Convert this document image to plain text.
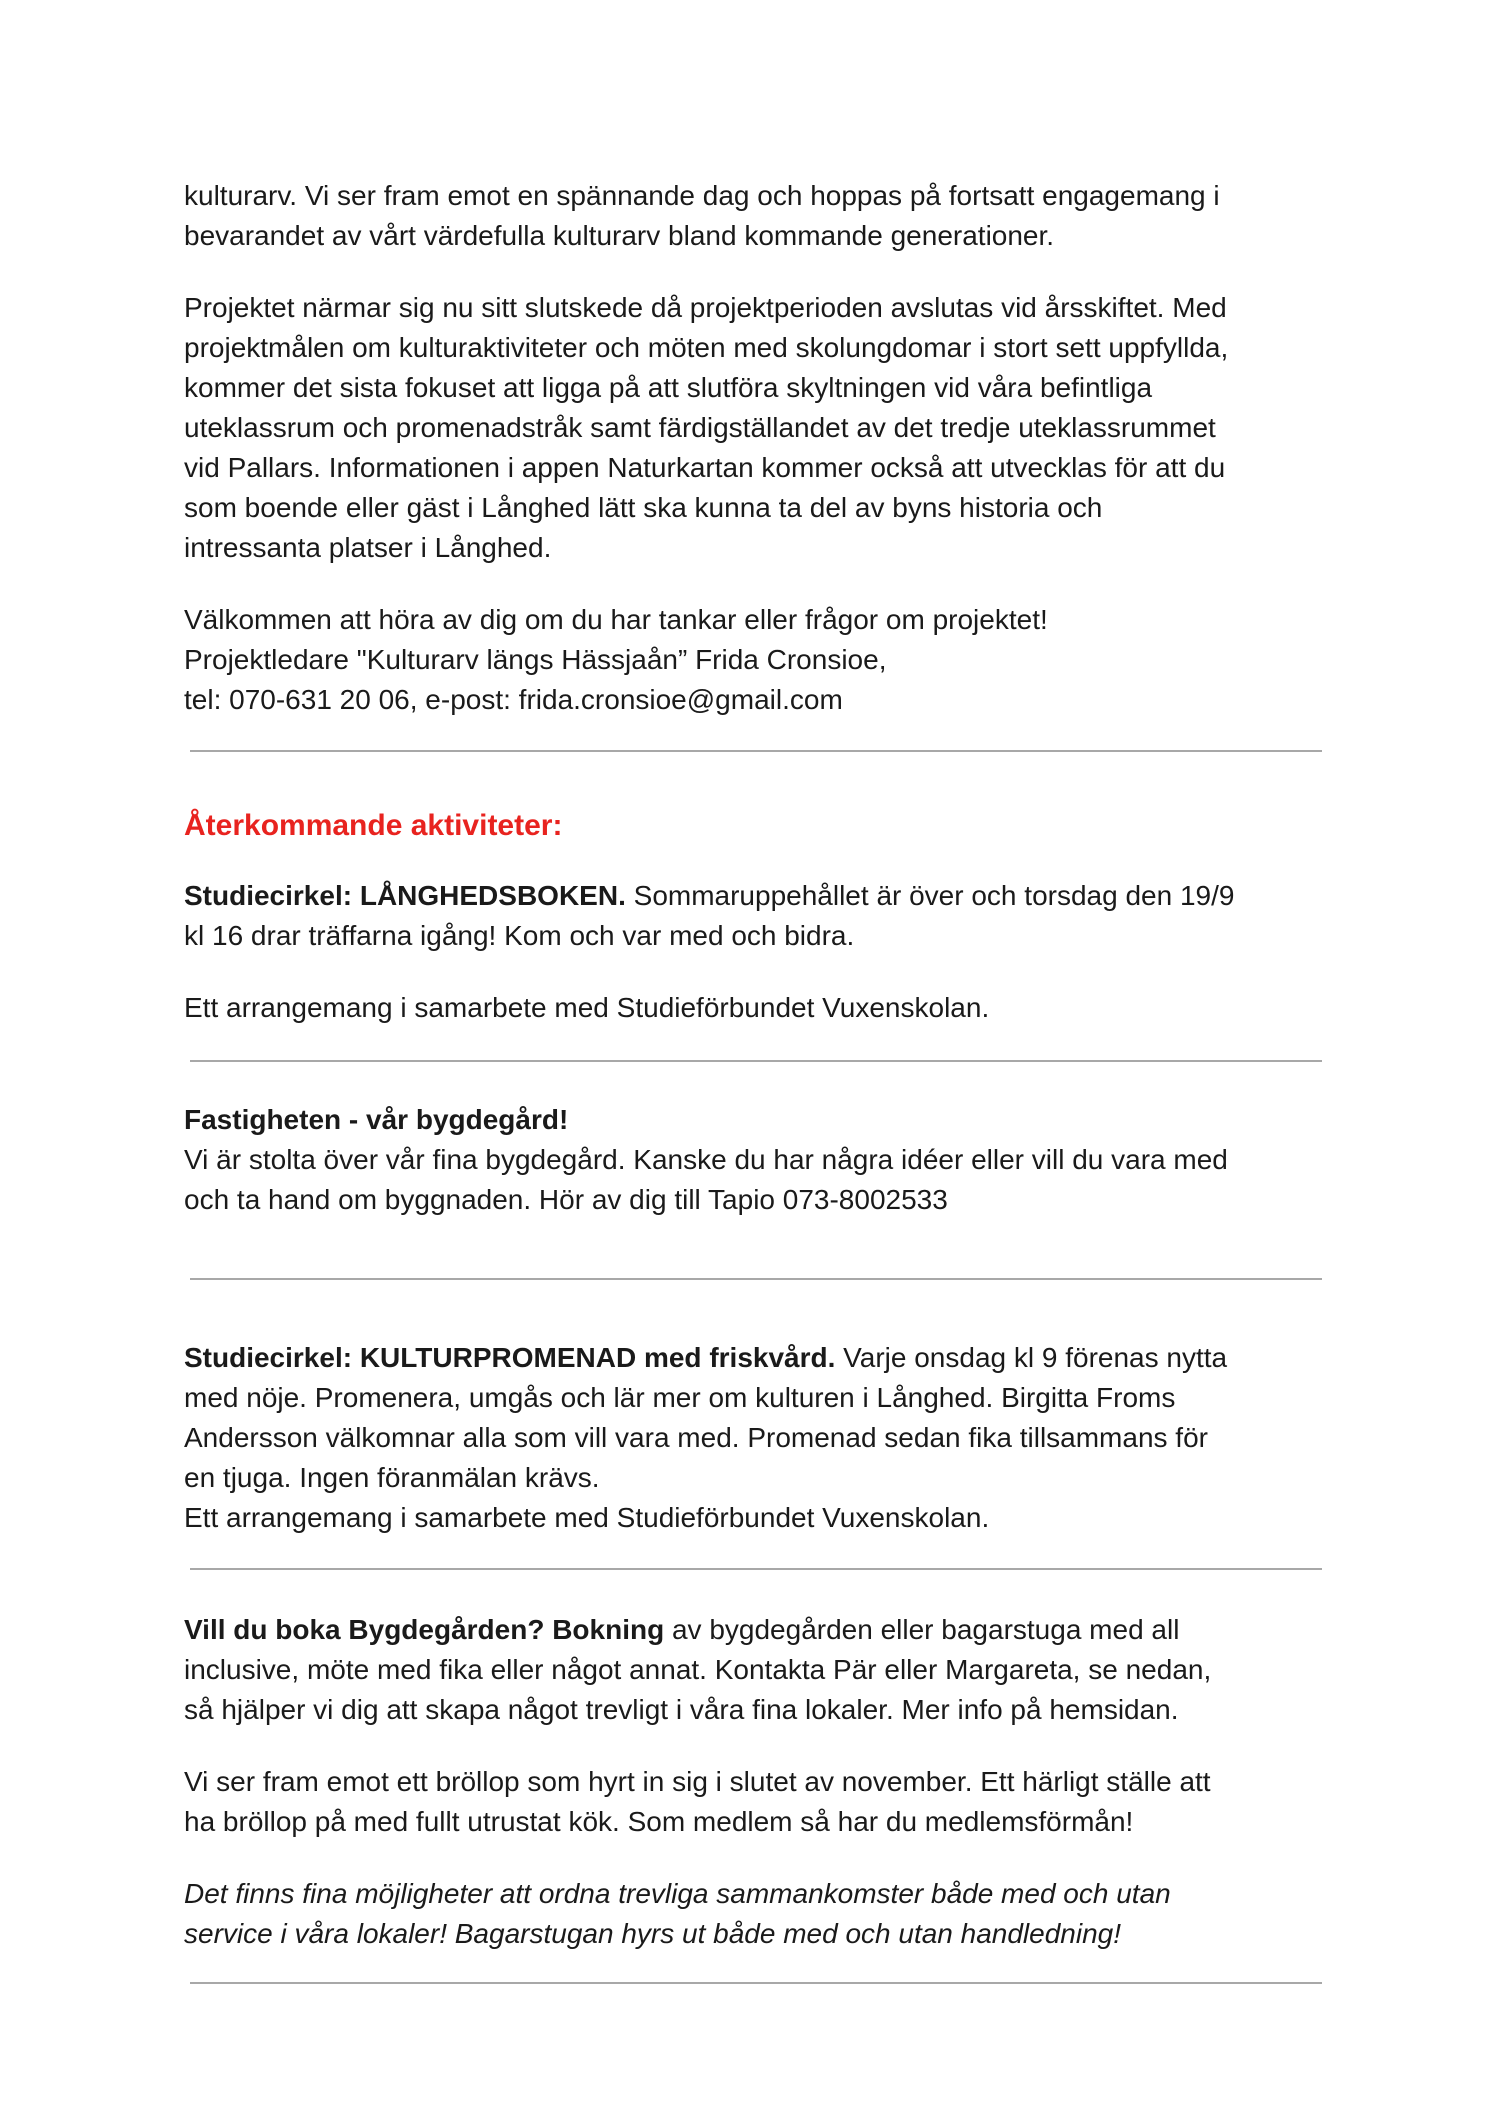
kulturarv. Vi ser fram emot en spännande dag och hoppas på fortsatt engagemang i
bevarandet av vårt värdefulla kulturarv bland kommande generationer.

Projektet närmar sig nu sitt slutskede då projektperioden avslutas vid årsskiftet. Med
projektmålen om kulturaktiviteter och möten med skolungdomar i stort sett uppfyllda,
kommer det sista fokuset att ligga på att slutföra skyltningen vid våra befintliga
uteklassrum och promenadstråk samt färdigställandet av det tredje uteklassrummet
vid Pallars. Informationen i appen Naturkartan kommer också att utvecklas för att du
som boende eller gäst i Långhed lätt ska kunna ta del av byns historia och
intressanta platser i Långhed.

Välkommen att höra av dig om du har tankar eller frågor om projektet!
Projektledare "Kulturarv längs Hässjaån” Frida Cronsioe,
tel: 070-631 20 06, e-post: frida.cronsioe@gmail.com

Återkommande aktiviteter:

Studiecirkel: LÅNGHEDSBOKEN. Sommaruppehållet är över och torsdag den 19/9
kl 16 drar träffarna igång! Kom och var med och bidra.

Ett arrangemang i samarbete med Studieförbundet Vuxenskolan.

Fastigheten - vår bygdegård!
Vi är stolta över vår fina bygdegård. Kanske du har några idéer eller vill du vara med
och ta hand om byggnaden. Hör av dig till Tapio 073-8002533

Studiecirkel: KULTURPROMENAD med friskvård. Varje onsdag kl 9 förenas nytta
med nöje. Promenera, umgås och lär mer om kulturen i Långhed. Birgitta Froms
Andersson välkomnar alla som vill vara med. Promenad sedan fika tillsammans för
en tjuga. Ingen föranmälan krävs.
Ett arrangemang i samarbete med Studieförbundet Vuxenskolan.

Vill du boka Bygdegården? Bokning av bygdegården eller bagarstuga med all
inclusive, möte med fika eller något annat. Kontakta Pär eller Margareta, se nedan,
så hjälper vi dig att skapa något trevligt i våra fina lokaler. Mer info på hemsidan.

Vi ser fram emot ett bröllop som hyrt in sig i slutet av november. Ett härligt ställe att
ha bröllop på med fullt utrustat kök. Som medlem så har du medlemsförmån!

Det finns fina möjligheter att ordna trevliga sammankomster både med och utan
service i våra lokaler! Bagarstugan hyrs ut både med och utan handledning!
